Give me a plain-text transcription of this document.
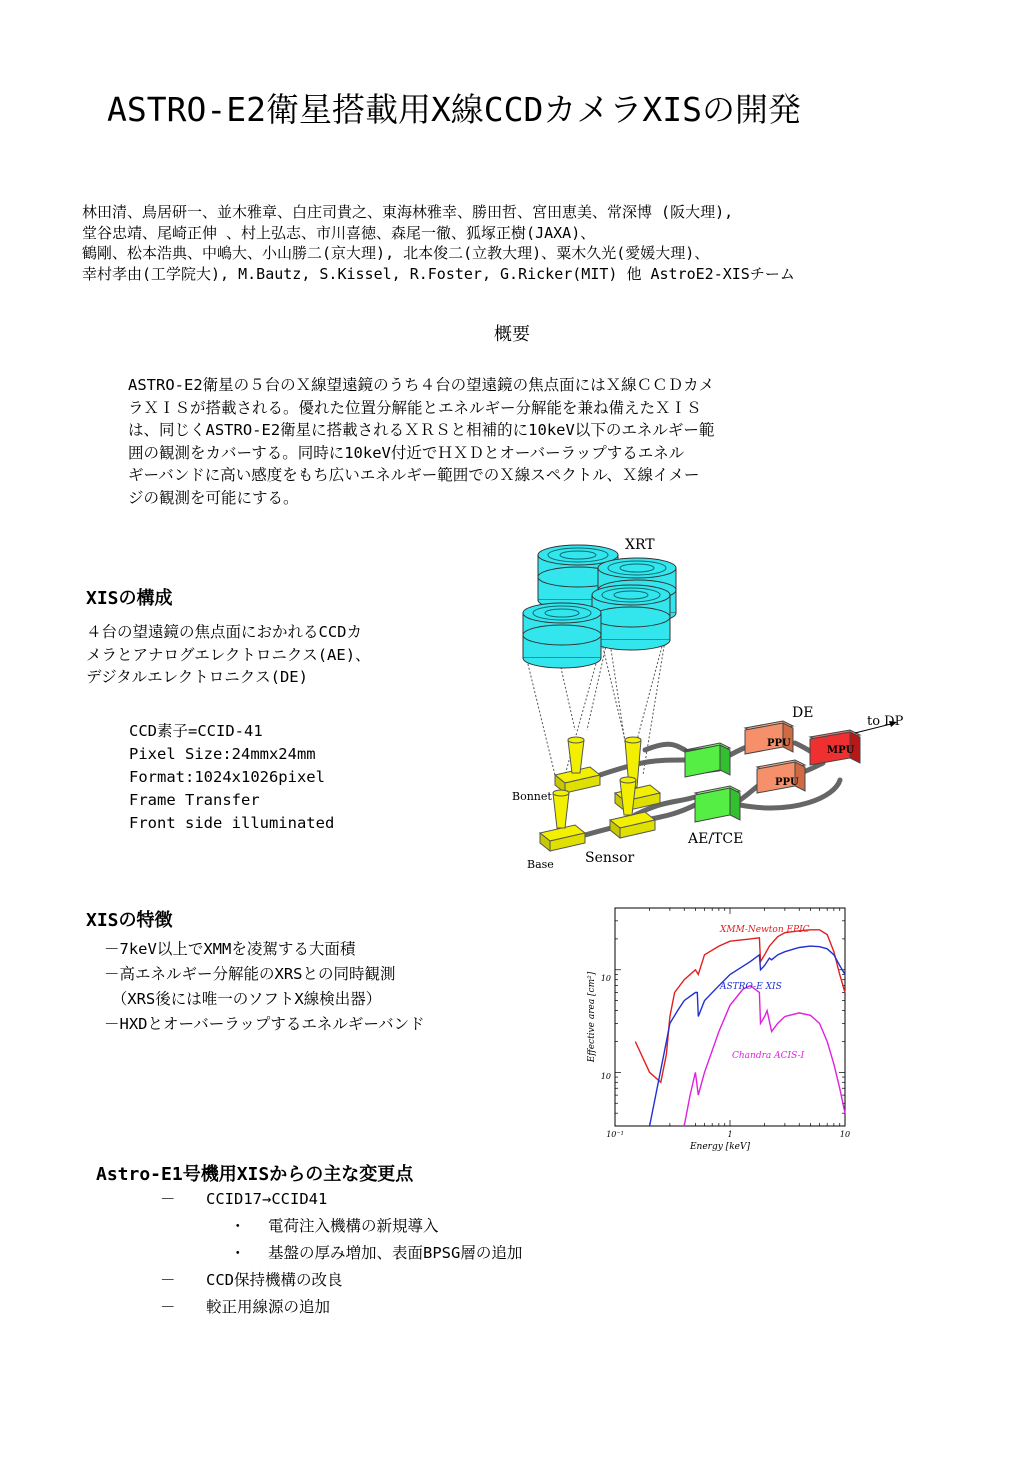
ASTRO-E2衛星搭載用X線CCDカメラXISの開発
林田清、鳥居研一、並木雅章、白庄司貴之、東海林雅幸、勝田哲、宮田恵美、常深博 (阪大理),
堂谷忠靖、尾崎正伸 、村上弘志、市川喜徳、森尾一徹、狐塚正樹(JAXA)、
鶴剛、松本浩典、中嶋大、小山勝二(京大理), 北本俊二(立教大理)、粟木久光(愛媛大理)、
幸村孝由(工学院大), M.Bautz, S.Kissel, R.Foster, G.Ricker(MIT) 他 AstroE2-XISチーム
概要
ASTRO-E2衛星の５台のＸ線望遠鏡のうち４台の望遠鏡の焦点面にはＸ線ＣＣＤカメ
ラＸＩＳが搭載される。優れた位置分解能とエネルギー分解能を兼ね備えたＸＩＳ
は、同じくASTRO-E2衛星に搭載されるＸＲＳと相補的に10keV以下のエネルギー範
囲の観測をカバーする。同時に10keV付近でＨＸＤとオーバーラップするエネル
ギーバンドに高い感度をもち広いエネルギー範囲でのＸ線スペクトル、Ｘ線イメー
ジの観測を可能にする。
XISの構成
４台の望遠鏡の焦点面におかれるCCDカ
メラとアナログエレクトロニクス(AE)、
デジタルエレクトロニクス(DE)
CCD素子=CCID-41
Pixel Size:24mmx24mm
Format:1024x1026pixel
Frame Transfer
Front side illuminated
XRT
DE
to DP
PPU
PPU
MPU
Bonnet
Base Sensor
AE/TCE
XISの特徴
－7keV以上でXMMを凌駕する大面積
－高エネルギー分解能のXRSとの同時観測
　（XRS後には唯一のソフトX線検出器）
－HXDとオーバーラップするエネルギーバンド
Energy [keV]
Effective area [cm²]
10⁻¹	1	10
10
10
XMM-Newton EPIC
ASTRO-E XIS
Chandra ACIS-I
Astro-E1号機用XISからの主な変更点
－ CCID17→CCID41
・ 電荷注入機構の新規導入
・ 基盤の厚み増加、表面BPSG層の追加
－ CCD保持機構の改良
－ 較正用線源の追加
